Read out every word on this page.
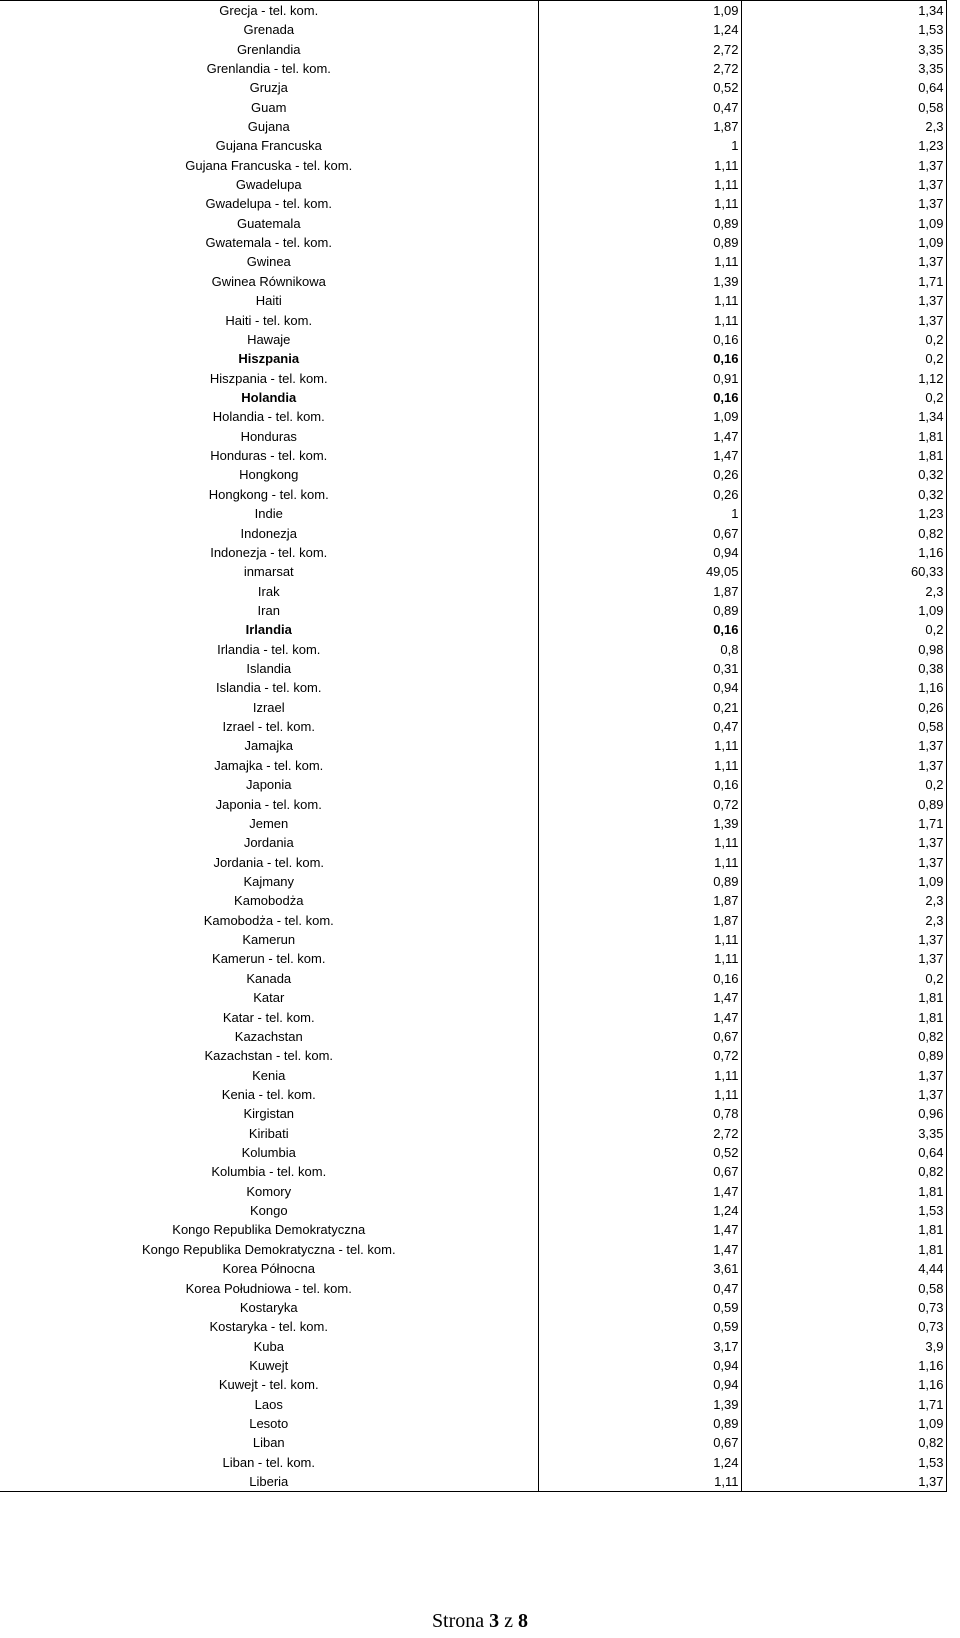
Grecja - tel. kom.	1,09	1,34
Grenada	1,24	1,53
Grenlandia	2,72	3,35
Grenlandia - tel. kom.	2,72	3,35
Gruzja	0,52	0,64
Guam	0,47	0,58
Gujana	1,87	2,3
Gujana Francuska	1	1,23
Gujana Francuska - tel. kom.	1,11	1,37
Gwadelupa	1,11	1,37
Gwadelupa - tel. kom.	1,11	1,37
Guatemala	0,89	1,09
Gwatemala - tel. kom.	0,89	1,09
Gwinea	1,11	1,37
Gwinea Równikowa	1,39	1,71
Haiti	1,11	1,37
Haiti - tel. kom.	1,11	1,37
Hawaje	0,16	0,2
Hiszpania	0,16	0,2
Hiszpania - tel. kom.	0,91	1,12
Holandia	0,16	0,2
Holandia - tel. kom.	1,09	1,34
Honduras	1,47	1,81
Honduras - tel. kom.	1,47	1,81
Hongkong	0,26	0,32
Hongkong - tel. kom.	0,26	0,32
Indie	1	1,23
Indonezja	0,67	0,82
Indonezja - tel. kom.	0,94	1,16
inmarsat	49,05	60,33
Irak	1,87	2,3
Iran	0,89	1,09
Irlandia	0,16	0,2
Irlandia - tel. kom.	0,8	0,98
Islandia	0,31	0,38
Islandia - tel. kom.	0,94	1,16
Izrael	0,21	0,26
Izrael - tel. kom.	0,47	0,58
Jamajka	1,11	1,37
Jamajka - tel. kom.	1,11	1,37
Japonia	0,16	0,2
Japonia - tel. kom.	0,72	0,89
Jemen	1,39	1,71
Jordania	1,11	1,37
Jordania - tel. kom.	1,11	1,37
Kajmany	0,89	1,09
Kamobodża	1,87	2,3
Kamobodża - tel. kom.	1,87	2,3
Kamerun	1,11	1,37
Kamerun - tel. kom.	1,11	1,37
Kanada	0,16	0,2
Katar	1,47	1,81
Katar - tel. kom.	1,47	1,81
Kazachstan	0,67	0,82
Kazachstan - tel. kom.	0,72	0,89
Kenia	1,11	1,37
Kenia - tel. kom.	1,11	1,37
Kirgistan	0,78	0,96
Kiribati	2,72	3,35
Kolumbia	0,52	0,64
Kolumbia - tel. kom.	0,67	0,82
Komory	1,47	1,81
Kongo	1,24	1,53
Kongo Republika Demokratyczna	1,47	1,81
Kongo Republika Demokratyczna - tel. kom.	1,47	1,81
Korea Północna	3,61	4,44
Korea Południowa - tel. kom.	0,47	0,58
Kostaryka	0,59	0,73
Kostaryka - tel. kom.	0,59	0,73
Kuba	3,17	3,9
Kuwejt	0,94	1,16
Kuwejt - tel. kom.	0,94	1,16
Laos	1,39	1,71
Lesoto	0,89	1,09
Liban	0,67	0,82
Liban - tel. kom.	1,24	1,53
Liberia	1,11	1,37
Strona 3 z 8
